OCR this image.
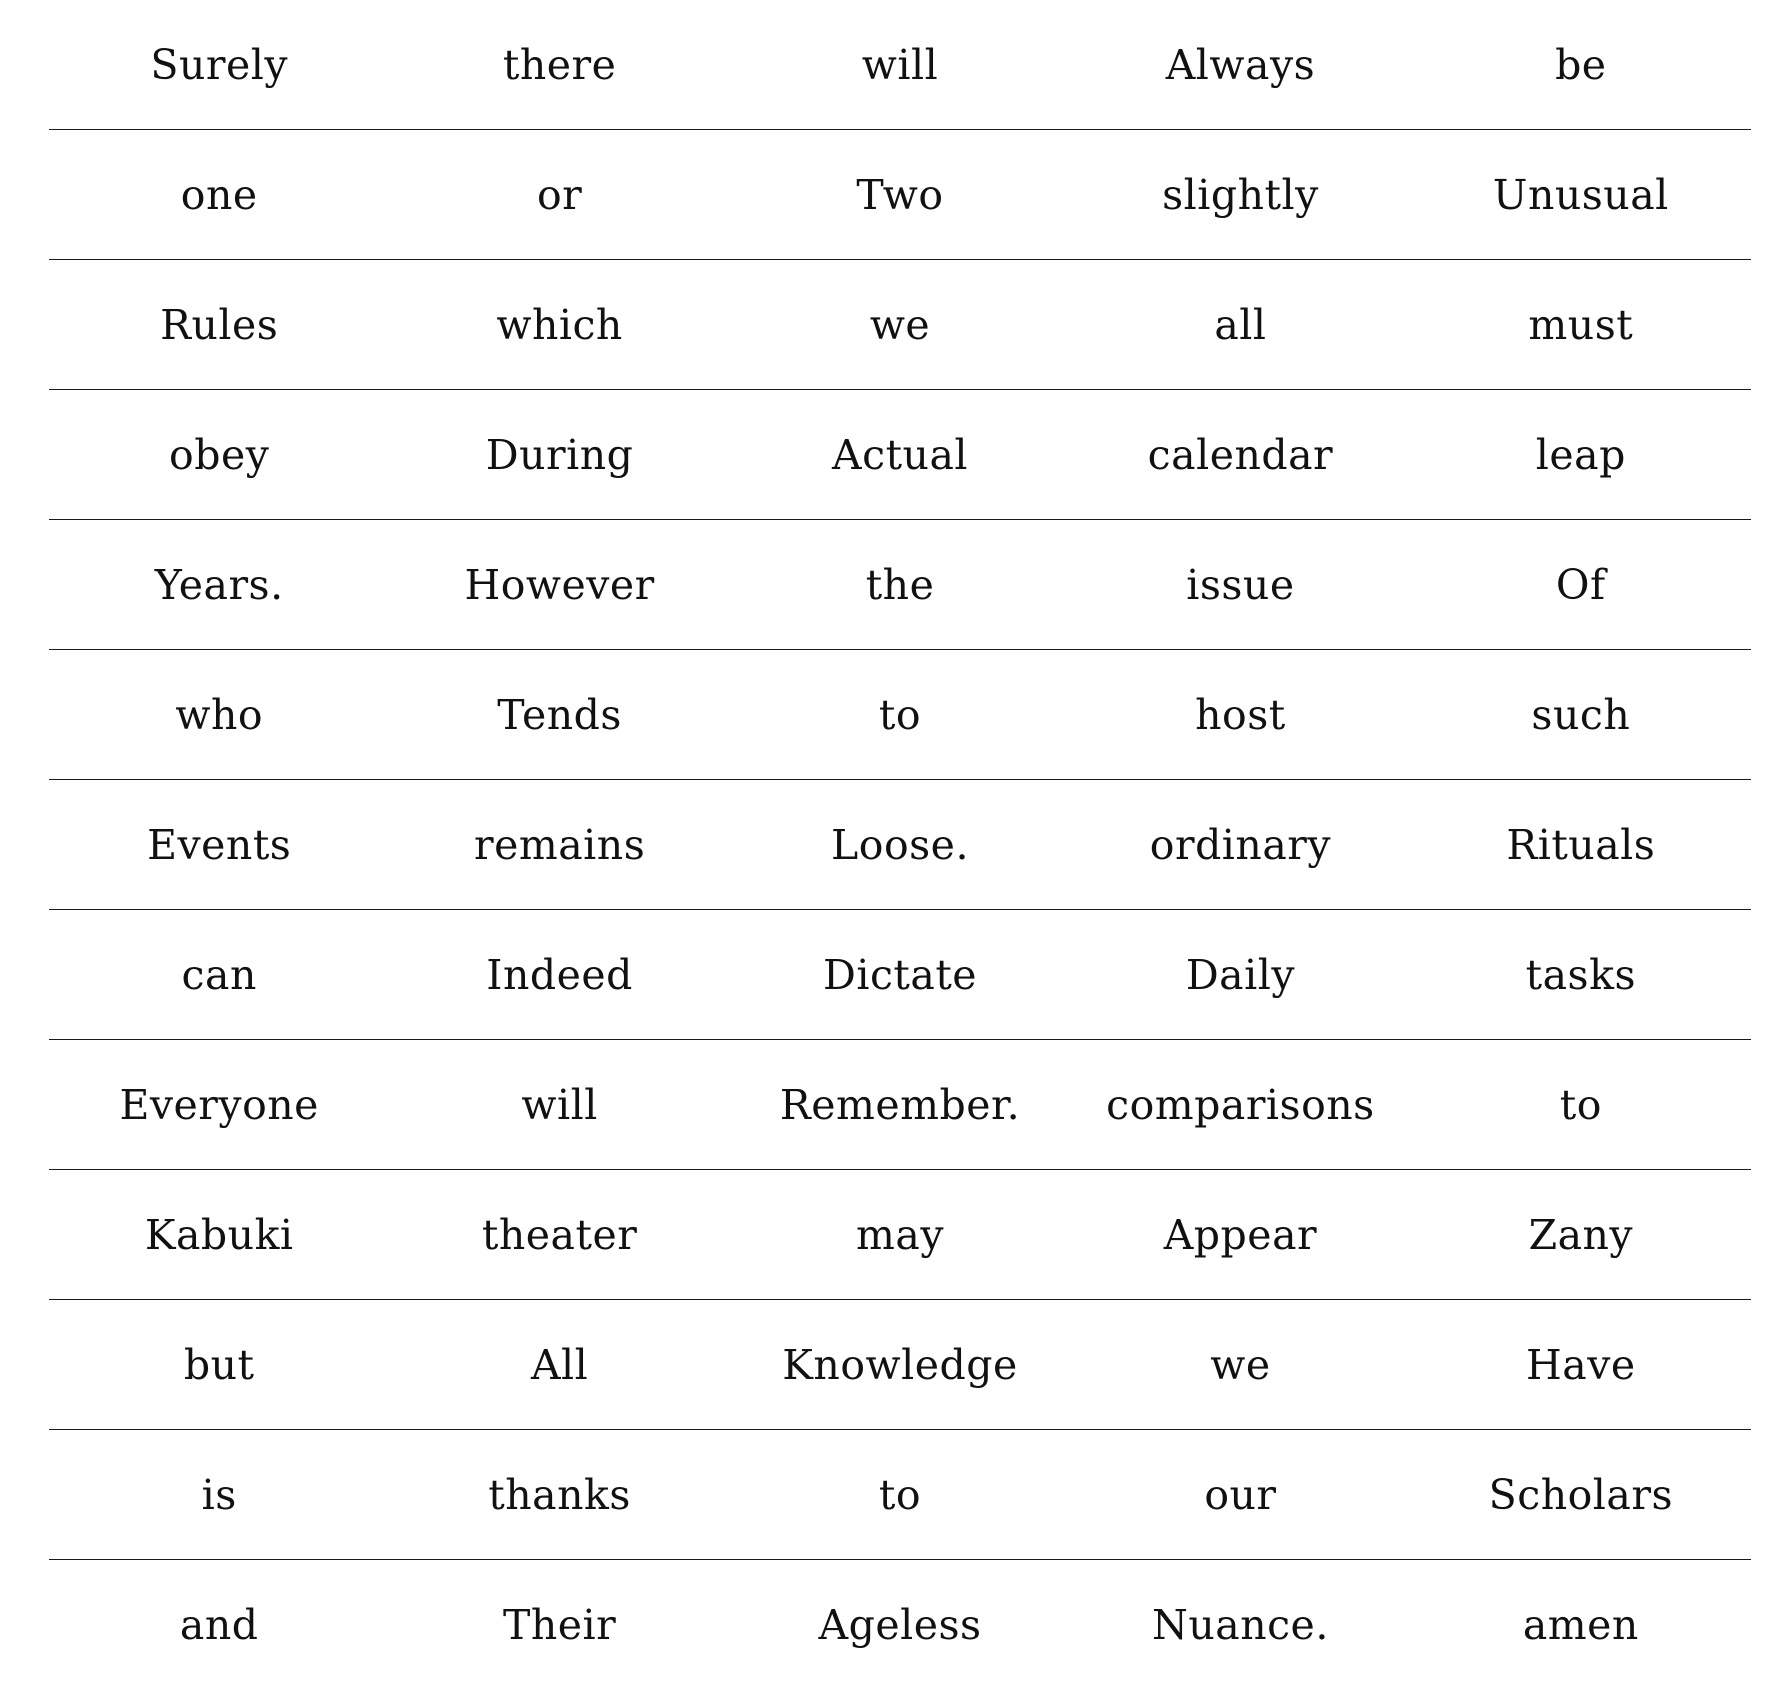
Surely	there	will	Always	be
one	or	Two	slightly	Unusual
Rules	which	we	all	must
obey	During	Actual	calendar	leap
Years.	However	the	issue	Of
who	Tends	to	host	such
Events	remains	Loose.	ordinary	Rituals
can	Indeed	Dictate	Daily	tasks
Everyone	will	Remember.	comparisons	to
Kabuki	theater	may	Appear	Zany
but	All	Knowledge	we	Have
is	thanks	to	our	Scholars
and	Their	Ageless	Nuance.	amen
